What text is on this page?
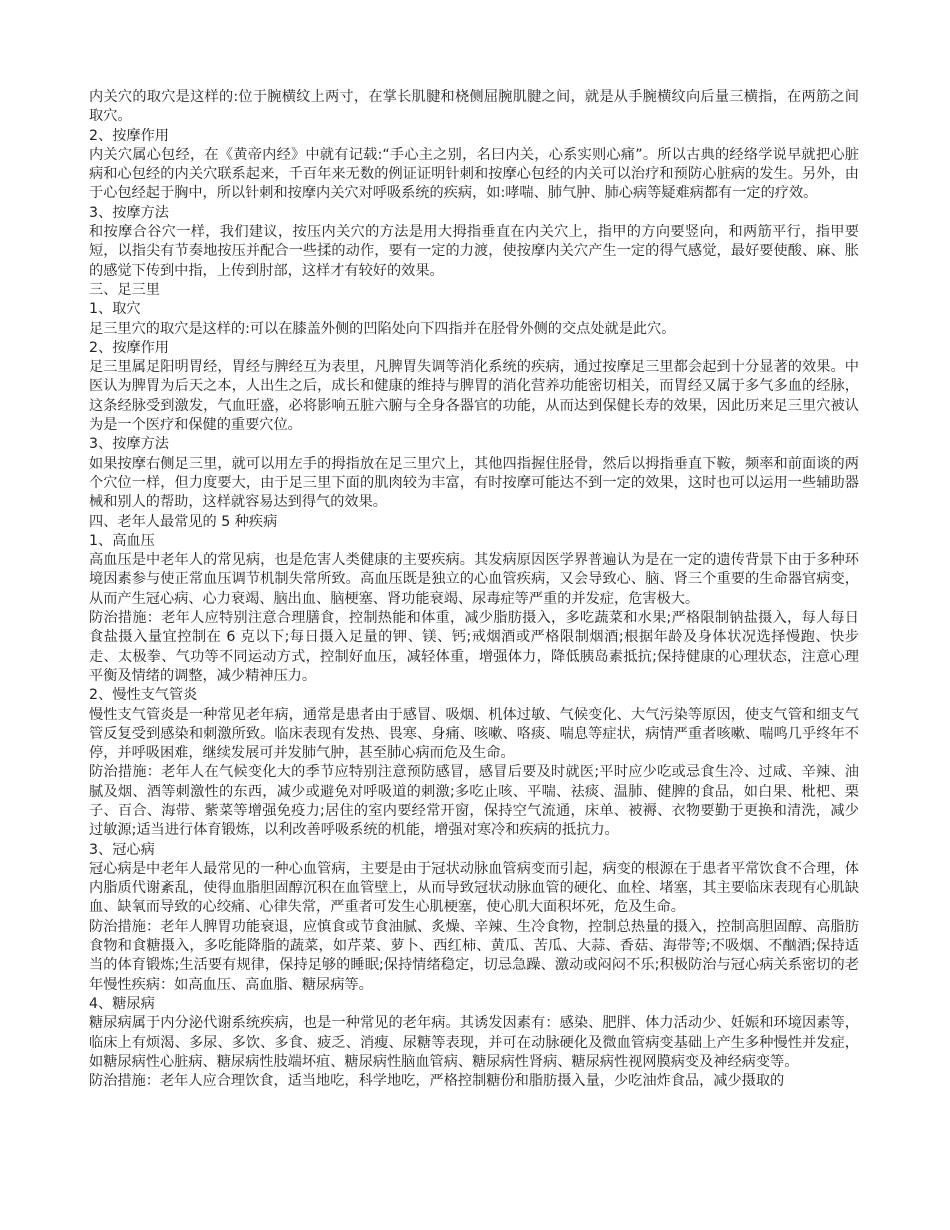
内关穴的取穴是这样的:位于腕横纹上两寸，在掌长肌腱和桡侧屈腕肌腱之间，就是从手腕横纹向后量三横指，在两筋之间取穴。

2、按摩作用

内关穴属心包经，在《黄帝内经》中就有记载:“手心主之别，名曰内关，心系实则心痛”。所以古典的经络学说早就把心脏病和心包经的内关穴联系起来，千百年来无数的例证证明针刺和按摩心包经的内关可以治疗和预防心脏病的发生。另外，由于心包经起于胸中，所以针刺和按摩内关穴对呼吸系统的疾病，如:哮喘、肺气肿、肺心病等疑难病都有一定的疗效。

3、按摩方法

和按摩合谷穴一样，我们建议，按压内关穴的方法是用大拇指垂直在内关穴上，指甲的方向要竖向，和两筋平行，指甲要短，以指尖有节奏地按压并配合一些揉的动作，要有一定的力渡，使按摩内关穴产生一定的得气感觉，最好要使酸、麻、胀的感觉下传到中指，上传到肘部，这样才有较好的效果。

三、足三里

1、取穴

足三里穴的取穴是这样的:可以在膝盖外侧的凹陷处向下四指并在胫骨外侧的交点处就是此穴。

2、按摩作用

足三里属足阳明胃经，胃经与脾经互为表里，凡脾胃失调等消化系统的疾病，通过按摩足三里都会起到十分显著的效果。中医认为脾胃为后天之本，人出生之后，成长和健康的维持与脾胃的消化营养功能密切相关，而胃经又属于多气多血的经脉，这条经脉受到激发，气血旺盛，必将影响五脏六腑与全身各器官的功能，从而达到保健长寿的效果，因此历来足三里穴被认为是一个医疗和保健的重要穴位。

3、按摩方法

如果按摩右侧足三里，就可以用左手的拇指放在足三里穴上，其他四指握住胫骨，然后以拇指垂直下鞍，频率和前面谈的两个穴位一样，但力度要大，由于足三里下面的肌肉较为丰富，有时按摩可能达不到一定的效果，这时也可以运用一些辅助器械和别人的帮助，这样就容易达到得气的效果。

四、老年人最常见的 5 种疾病

1、高血压

高血压是中老年人的常见病，也是危害人类健康的主要疾病。其发病原因医学界普遍认为是在一定的遗传背景下由于多种环境因素参与使正常血压调节机制失常所致。高血压既是独立的心血管疾病，又会导致心、脑、肾三个重要的生命器官病变，从而产生冠心病、心力衰竭、脑出血、脑梗塞、肾功能衰竭、尿毒症等严重的并发症，危害极大。

防治措施：老年人应特别注意合理膳食，控制热能和体重，减少脂肪摄入，多吃蔬菜和水果;严格限制钠盐摄入，每人每日食盐摄入量宜控制在 6 克以下;每日摄入足量的钾、镁、钙;戒烟酒或严格限制烟酒;根据年龄及身体状况选择慢跑、快步走、太极拳、气功等不同运动方式，控制好血压，减轻体重，增强体力，降低胰岛素抵抗;保持健康的心理状态，注意心理平衡及情绪的调整，减少精神压力。

2、慢性支气管炎

慢性支气管炎是一种常见老年病，通常是患者由于感冒、吸烟、机体过敏、气候变化、大气污染等原因，使支气管和细支气管反复受到感染和刺激所致。临床表现有发热、畏寒、身痛、咳嗽、咯痰、喘息等症状，病情严重者咳嗽、喘鸣几乎终年不停，并呼吸困难，继续发展可并发肺气肿，甚至肺心病而危及生命。

防治措施：老年人在气候变化大的季节应特别注意预防感冒，感冒后要及时就医;平时应少吃或忌食生冷、过咸、辛辣、油腻及烟、酒等刺激性的东西，减少或避免对呼吸道的刺激;多吃止咳、平喘、祛痰、温肺、健脾的食品，如白果、枇杷、栗子、百合、海带、紫菜等增强免疫力;居住的室内要经常开窗，保持空气流通，床单、被褥、衣物要勤于更换和清洗，减少过敏源;适当进行体育锻炼，以利改善呼吸系统的机能，增强对寒冷和疾病的抵抗力。

3、冠心病

冠心病是中老年人最常见的一种心血管病，主要是由于冠状动脉血管病变而引起，病变的根源在于患者平常饮食不合理，体内脂质代谢紊乱，使得血脂胆固醇沉积在血管壁上，从而导致冠状动脉血管的硬化、血栓、堵塞，其主要临床表现有心肌缺血、缺氧而导致的心绞痛、心律失常，严重者可发生心肌梗塞，使心肌大面积坏死，危及生命。

防治措施：老年人脾胃功能衰退，应慎食或节食油腻、炙燥、辛辣、生冷食物，控制总热量的摄入，控制高胆固醇、高脂肪食物和食糖摄入，多吃能降脂的蔬菜，如芹菜、萝卜、西红柿、黄瓜、苦瓜、大蒜、香菇、海带等;不吸烟、不酗酒;保持适当的体育锻炼;生活要有规律，保持足够的睡眠;保持情绪稳定，切忌急躁、激动或闷闷不乐;积极防治与冠心病关系密切的老年慢性疾病：如高血压、高血脂、糖尿病等。

4、糖尿病

糖尿病属于内分泌代谢系统疾病，也是一种常见的老年病。其诱发因素有：感染、肥胖、体力活动少、妊娠和环境因素等，临床上有烦渴、多尿、多饮、多食、疲乏、消瘦、尿糖等表现，并可在动脉硬化及微血管病变基础上产生多种慢性并发症，如糖尿病性心脏病、糖尿病性肢端坏疽、糖尿病性脑血管病、糖尿病性肾病、糖尿病性视网膜病变及神经病变等。

防治措施：老年人应合理饮食，适当地吃，科学地吃，严格控制糖份和脂肪摄入量，少吃油炸食品，减少摄取的
